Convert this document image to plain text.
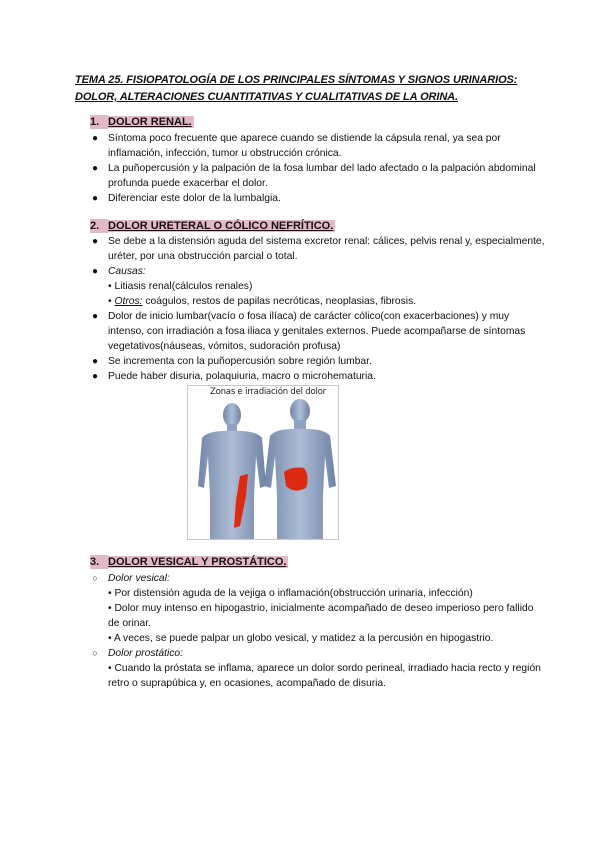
TEMA 25. FISIOPATOLOGÍA DE LOS PRINCIPALES SÍNTOMAS Y SIGNOS URINARIOS:
DOLOR, ALTERACIONES CUANTITATIVAS Y CUALITATIVAS DE LA ORINA.
1. DOLOR RENAL.
● Síntoma poco frecuente que aparece cuando se distiende la cápsula renal, ya sea por inflamación, infección, tumor u obstrucción crónica.
● La puñopercusión y la palpación de la fosa lumbar del lado afectado o la palpación abdominal profunda puede exacerbar el dolor.
● Diferenciar este dolor de la lumbalgia.
2. DOLOR URETERAL O CÓLICO NEFRÍTICO.
● Se debe a la distensión aguda del sistema excretor renal: cálices, pelvis renal y, especialmente, uréter, por una obstrucción parcial o total.
● Causas:
• Litiasis renal(cálculos renales)
• Otros: coágulos, restos de papilas necróticas, neoplasias, fibrosis.
● Dolor de inicio lumbar(vacío o fosa ilíaca) de carácter cólico(con exacerbaciones) y muy intenso, con irradiación a fosa iliaca y genitales externos. Puede acompañarse de síntomas vegetativos(náuseas, vómitos, sudoración profusa)
● Se incrementa con la puñopercusión sobre región lumbar.
● Puede haber disuria, polaquiuria, macro o microhematuria.
Zonas e irradiación del dolor
3. DOLOR VESICAL Y PROSTÁTICO.
○ Dolor vesical:
• Por distensión aguda de la vejiga o inflamación(obstrucción urinaria, infección)
• Dolor muy intenso en hipogastrio, inicialmente acompañado de deseo imperioso pero fallido de orinar.
• A veces, se puede palpar un globo vesical, y matidez a la percusión en hipogastrio.
○ Dolor prostático:
• Cuando la próstata se inflama, aparece un dolor sordo perineal, irradiado hacia recto y región retro o suprapúbica y, en ocasiones, acompañado de disuria.
